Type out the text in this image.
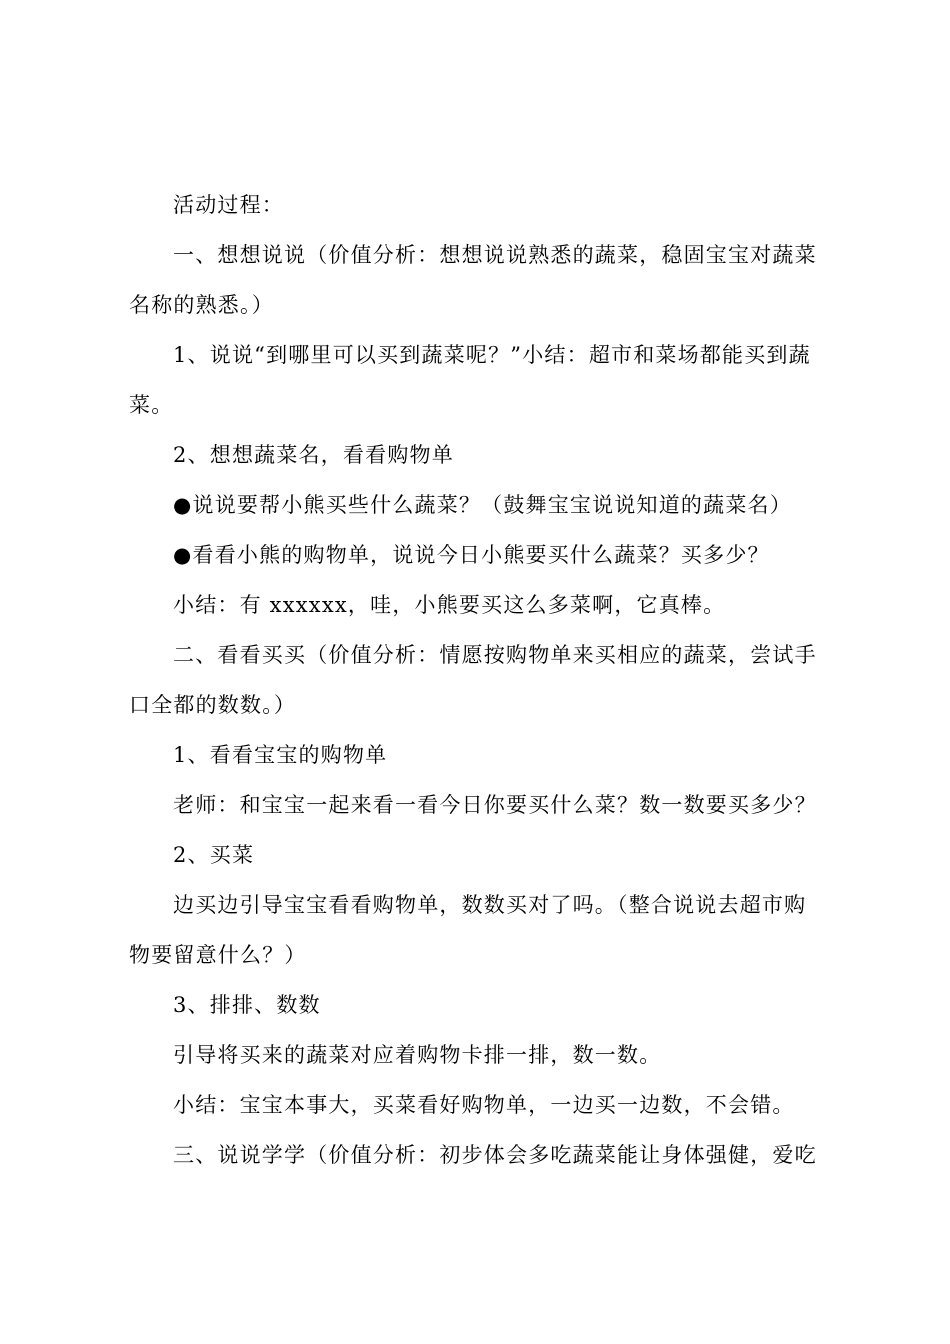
活动过程：
一、想想说说（价值分析：想想说说熟悉的蔬菜，稳固宝宝对蔬菜
名称的熟悉。）
1、说说“到哪里可以买到蔬菜呢？”小结：超市和菜场都能买到蔬
菜。
2、想想蔬菜名，看看购物单
●说说要帮小熊买些什么蔬菜？（鼓舞宝宝说说知道的蔬菜名）
●看看小熊的购物单，说说今日小熊要买什么蔬菜？买多少？
小结：有 xxxxxx，哇，小熊要买这么多菜啊，它真棒。
二、看看买买（价值分析：情愿按购物单来买相应的蔬菜，尝试手
口全都的数数。）
1、看看宝宝的购物单
老师：和宝宝一起来看一看今日你要买什么菜？数一数要买多少？
2、买菜
边买边引导宝宝看看购物单，数数买对了吗。（整合说说去超市购
物要留意什么？）
3、排排、数数
引导将买来的蔬菜对应着购物卡排一排，数一数。
小结：宝宝本事大，买菜看好购物单，一边买一边数，不会错。
三、说说学学（价值分析：初步体会多吃蔬菜能让身体强健，爱吃
